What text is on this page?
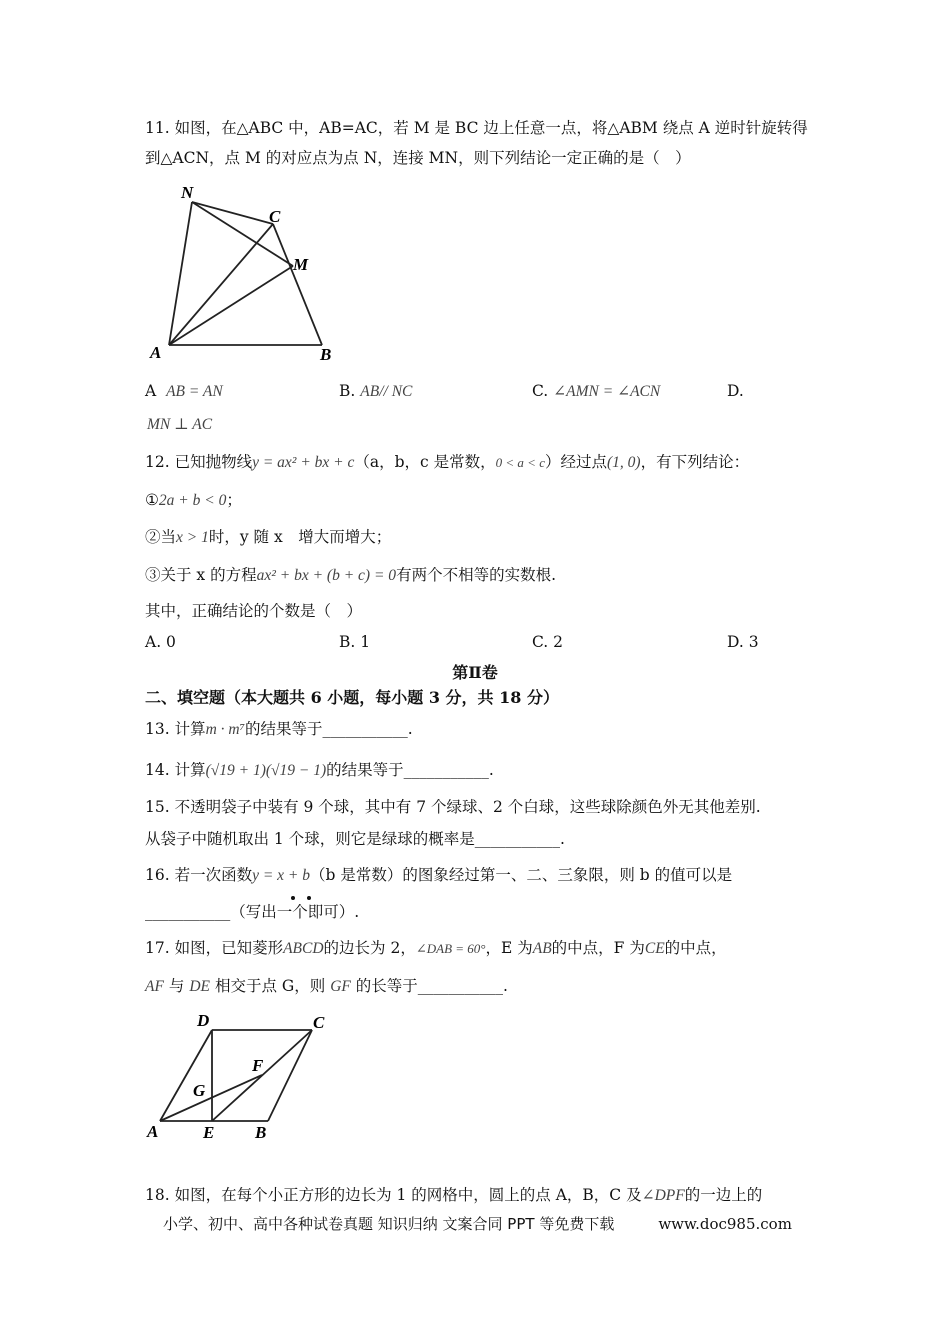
11. 如图，在△ABC 中，AB=AC，若 M 是 BC 边上任意一点，将△ABM 绕点 A 逆时针旋转得
到△ACN，点 M 的对应点为点 N，连接 MN，则下列结论一定正确的是（　）
N
C
M
A	B
A AB = AN	B. AB// NC	C. ∠AMN = ∠ACN	D.
MN ⊥ AC
12. 已知抛物线y = ax² + bx + c（a，b，c 是常数，0 < a < c）经过点(1, 0)，有下列结论：
①2a + b < 0；
②当x > 1时，y 随 x　增大而增大；
③关于 x 的方程ax² + bx + (b + c) = 0有两个不相等的实数根.
其中，正确结论的个数是（　）
A. 0	B. 1	C. 2	D. 3
第Ⅱ卷
二、填空题（本大题共 6 小题，每小题 3 分，共 18 分）
13. 计算m · m⁷的结果等于___________.
14. 计算(√19 + 1)(√19 − 1)的结果等于___________.
15. 不透明袋子中装有 9 个球，其中有 7 个绿球、2 个白球，这些球除颜色外无其他差别.
从袋子中随机取出 1 个球，则它是绿球的概率是___________.
16. 若一次函数y = x + b（b 是常数）的图象经过第一、二、三象限，则 b 的值可以是
___________（写出一个即可）.
17. 如图，已知菱形ABCD的边长为 2，∠DAB = 60°，E 为AB的中点，F 为CE的中点，
AF 与 DE 相交于点 G，则 GF 的长等于___________.
D	C
F
G
A	E B
18. 如图，在每个小正方形的边长为 1 的网格中，圆上的点 A，B，C 及∠DPF的一边上的
小学、初中、高中各种试卷真题 知识归纳 文案合同 PPT 等免费下载	www.doc985.com
